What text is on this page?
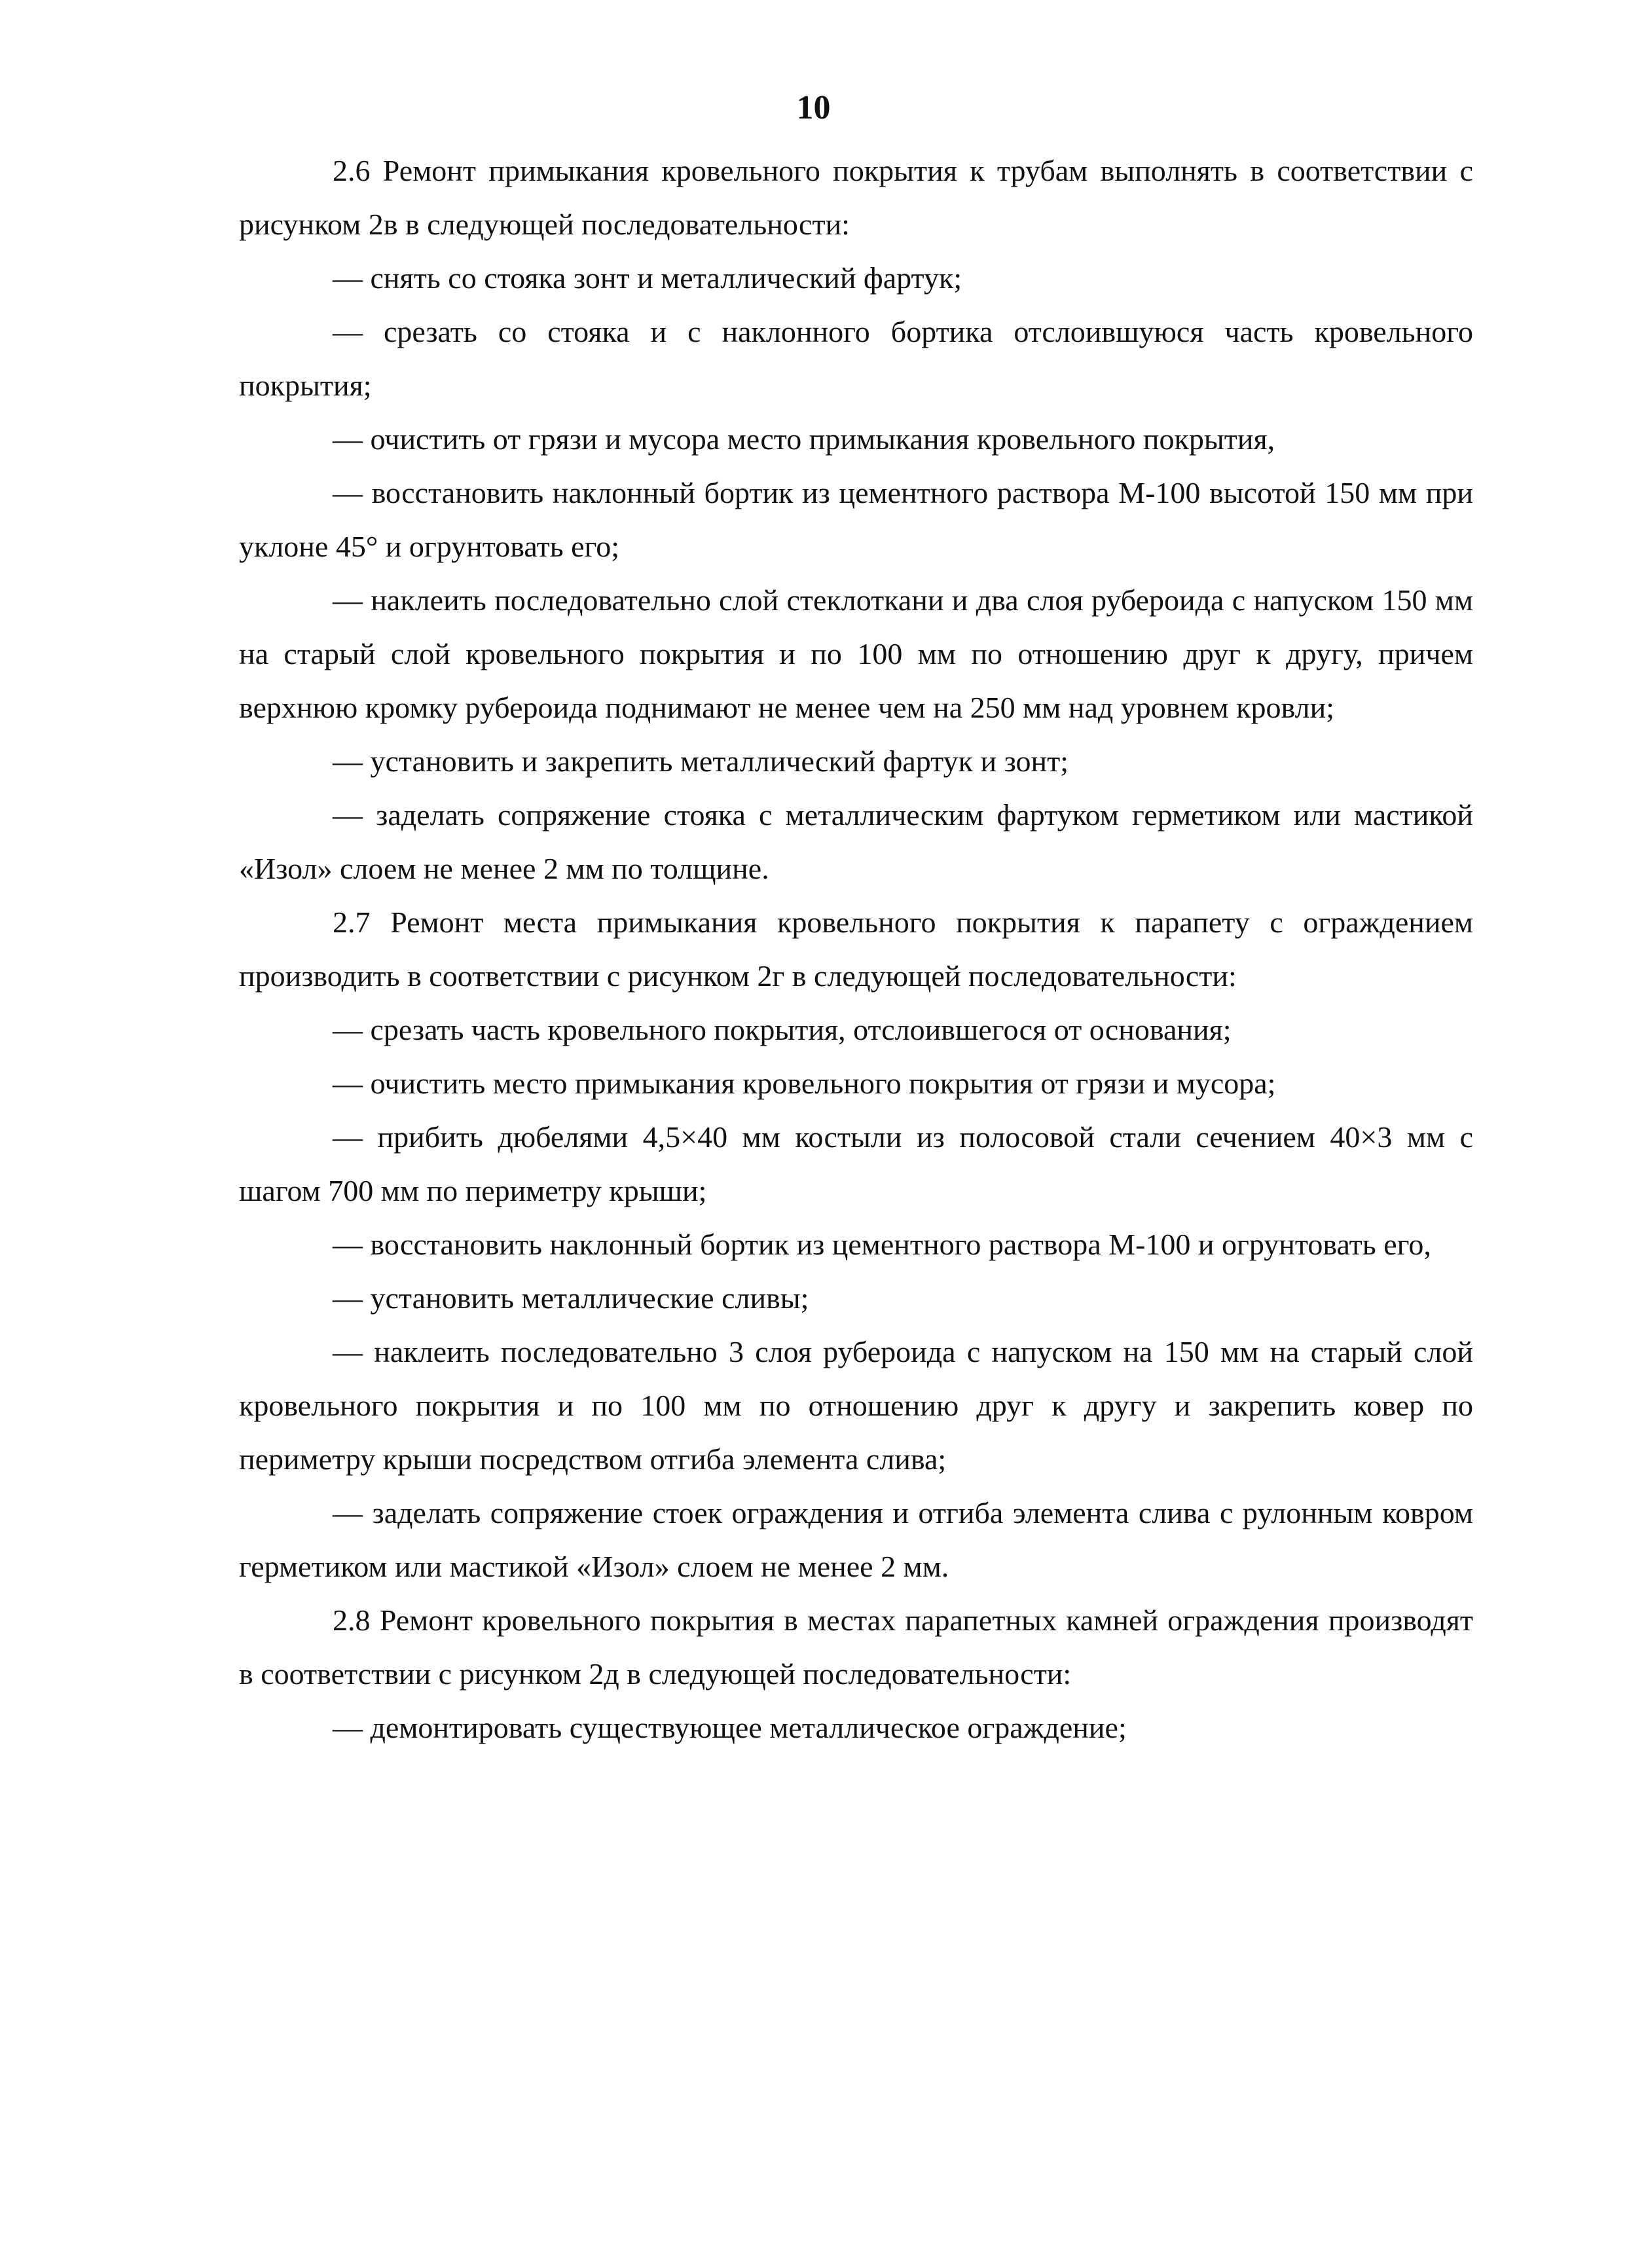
10

2.6 Ремонт примыкания кровельного покрытия к трубам выполнять в соответствии с рисунком 2в в следующей последовательности:

— снять со стояка зонт и металлический фартук;

— срезать со стояка и с наклонного бортика отслоившуюся часть кровельного покрытия;

— очистить от грязи и мусора место примыкания кровельного покрытия,

— восстановить наклонный бортик из цементного раствора М-100 высотой 150 мм при уклоне 45° и огрунтовать его;

— наклеить последовательно слой стеклоткани и два слоя рубероида с напуском 150 мм на старый слой кровельного покрытия и по 100 мм по отношению друг к другу, причем верхнюю кромку рубероида поднимают не менее чем на 250 мм над уровнем кровли;

— установить и закрепить металлический фартук и зонт;

— заделать сопряжение стояка с металлическим фартуком герметиком или мастикой «Изол» слоем не менее 2 мм по толщине.

2.7 Ремонт места примыкания кровельного покрытия к парапету с ограждением производить в соответствии с рисунком 2г в следующей последовательности:

— срезать часть кровельного покрытия, отслоившегося от основания;

— очистить место примыкания кровельного покрытия от грязи и мусора;

— прибить дюбелями 4,5×40 мм костыли из полосовой стали сечением 40×3 мм с шагом 700 мм по периметру крыши;

— восстановить наклонный бортик из цементного раствора М-100 и огрунтовать его,

— установить металлические сливы;

— наклеить последовательно 3 слоя рубероида с напуском на 150 мм на старый слой кровельного покрытия и по 100 мм по отношению друг к другу и закрепить ковер по периметру крыши посредством отгиба элемента слива;

— заделать сопряжение стоек ограждения и отгиба элемента слива с рулонным ковром герметиком или мастикой «Изол» слоем не менее 2 мм.

2.8 Ремонт кровельного покрытия в местах парапетных камней ограждения производят в соответствии с рисунком 2д в следующей последовательности:

— демонтировать существующее металлическое ограждение;
